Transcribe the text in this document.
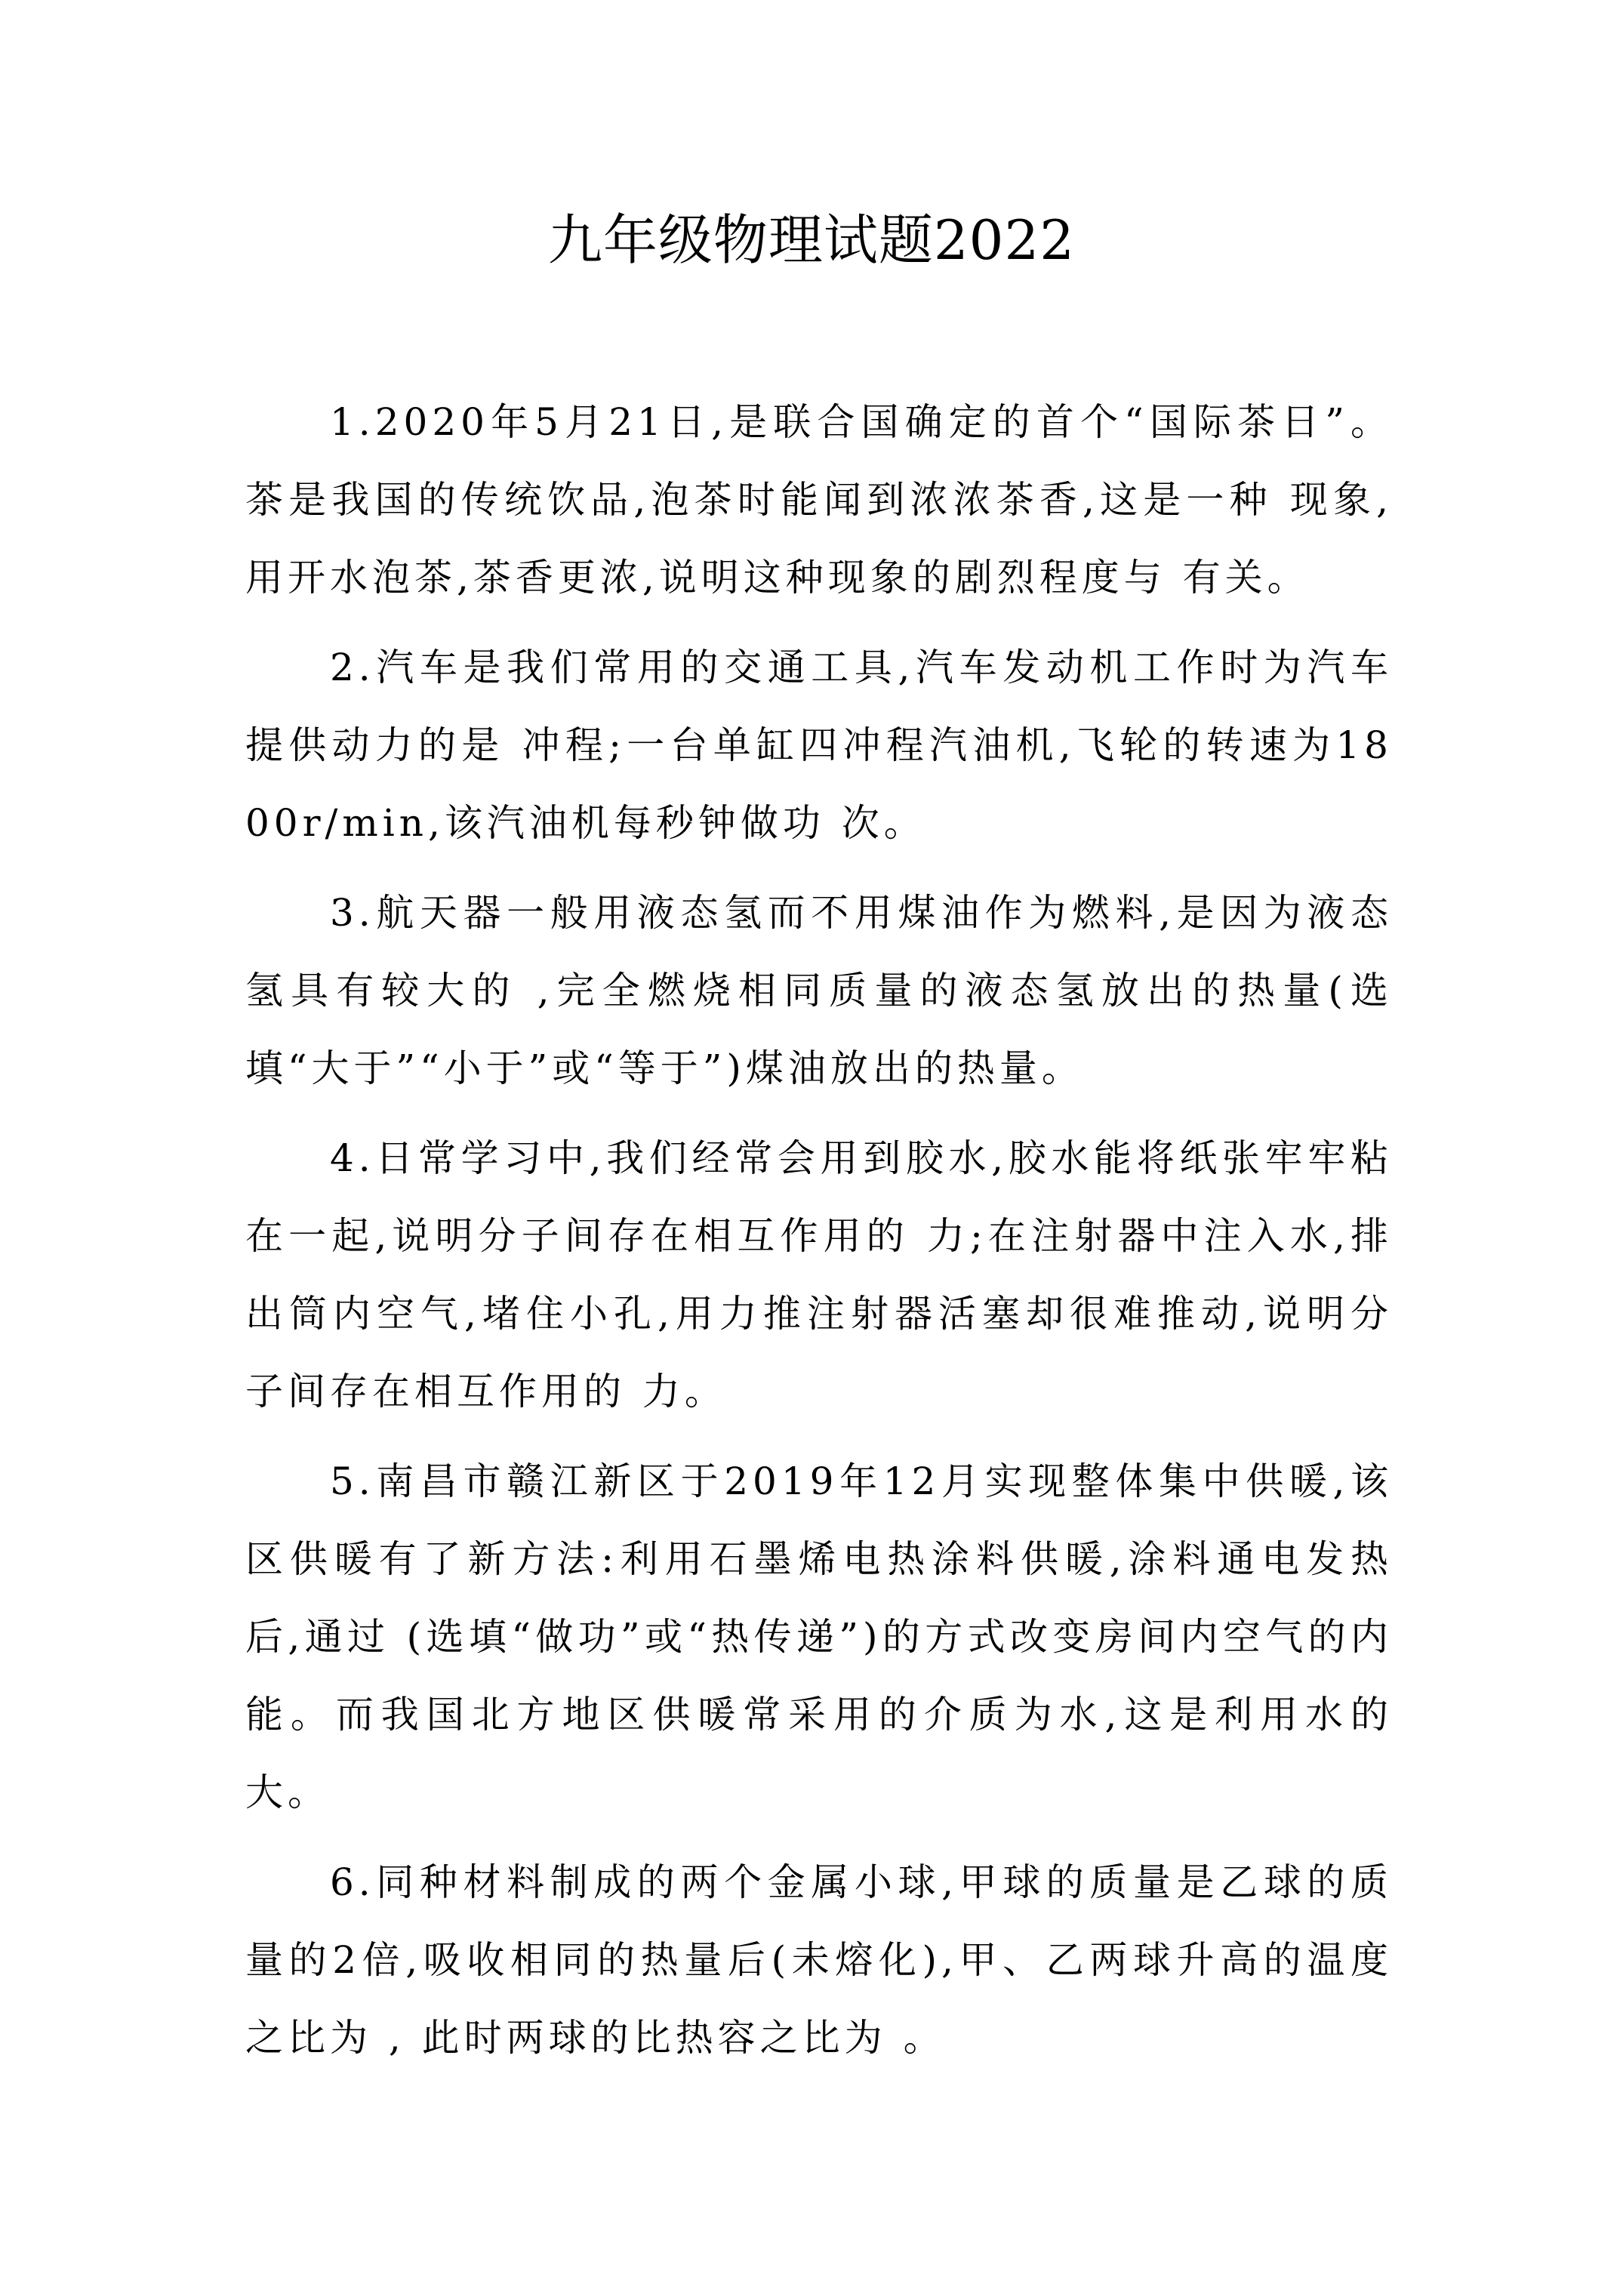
九年级物理试题2022

1.2020年5月21日,是联合国确定的首个“国际茶日”。茶是我国的传统饮品,泡茶时能闻到浓浓茶香,这是一种 现象,用开水泡茶,茶香更浓,说明这种现象的剧烈程度与 有关。

2.汽车是我们常用的交通工具,汽车发动机工作时为汽车提供动力的是 冲程;一台单缸四冲程汽油机,飞轮的转速为1800r/min,该汽油机每秒钟做功 次。

3.航天器一般用液态氢而不用煤油作为燃料,是因为液态氢具有较大的 ,完全燃烧相同质量的液态氢放出的热量(选填“大于”“小于”或“等于”)煤油放出的热量。

4.日常学习中,我们经常会用到胶水,胶水能将纸张牢牢粘在一起,说明分子间存在相互作用的 力;在注射器中注入水,排出筒内空气,堵住小孔,用力推注射器活塞却很难推动,说明分子间存在相互作用的 力。

5.南昌市赣江新区于2019年12月实现整体集中供暖,该区供暖有了新方法:利用石墨烯电热涂料供暖,涂料通电发热后,通过 (选填“做功”或“热传递”)的方式改变房间内空气的内能。而我国北方地区供暖常采用的介质为水,这是利用水的 大。

6.同种材料制成的两个金属小球,甲球的质量是乙球的质量的2倍,吸收相同的热量后(未熔化),甲、乙两球升高的温度之比为 , 此时两球的比热容之比为 。
